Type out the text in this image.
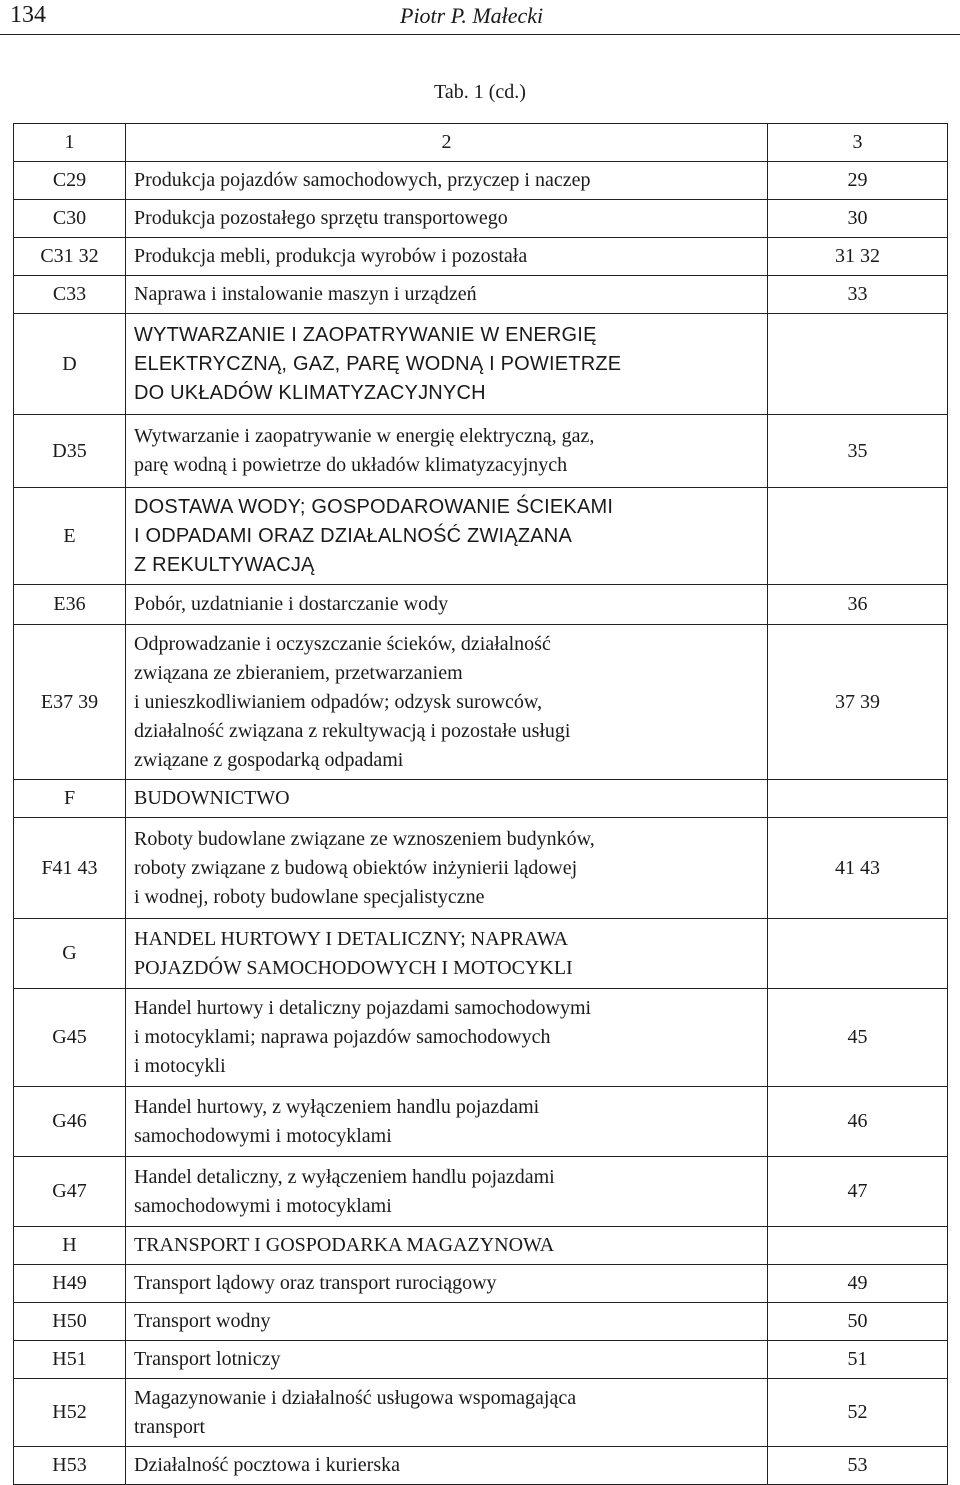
134	Piotr P. Małecki
Tab. 1 (cd.)
1	2	3
C29	Produkcja pojazdów samochodowych, przyczep i naczep	29
C30	Produkcja pozostałego sprzętu transportowego	30
C31 32	Produkcja mebli, produkcja wyrobów i pozostała	31 32
C33	Naprawa i instalowanie maszyn i urządzeń	33
D	WYTWARZANIE I ZAOPATRYWANIE W ENERGIĘ
ELEKTRYCZNĄ, GAZ, PARĘ WODNĄ I POWIETRZE
DO UKŁADÓW KLIMATYZACYJNYCH	

D35	Wytwarzanie i zaopatrywanie w energię elektryczną, gaz,
parę wodną i powietrze do układów klimatyzacyjnych	35
E	DOSTAWA WODY; GOSPODAROWANIE ŚCIEKAMI
I ODPADAMI ORAZ DZIAŁALNOŚĆ ZWIĄZANA
Z REKULTYWACJĄ	

E36	Pobór, uzdatnianie i dostarczanie wody	36
E37 39	Odprowadzanie i oczyszczanie ścieków, działalność
związana ze zbieraniem, przetwarzaniem
i unieszkodliwianiem odpadów; odzysk surowców,
działalność związana z rekultywacją i pozostałe usługi
związane z gospodarką odpadami	37 39
F	BUDOWNICTWO	
F41 43	Roboty budowlane związane ze wznoszeniem budynków,
roboty związane z budową obiektów inżynierii lądowej
i wodnej, roboty budowlane specjalistyczne	41 43
G	HANDEL HURTOWY I DETALICZNY; NAPRAWA
POJAZDÓW SAMOCHODOWYCH I MOTOCYKLI	

G45	Handel hurtowy i detaliczny pojazdami samochodowymi
i motocyklami; naprawa pojazdów samochodowych
i motocykli	45
G46	Handel hurtowy, z wyłączeniem handlu pojazdami
samochodowymi i motocyklami	46
G47	Handel detaliczny, z wyłączeniem handlu pojazdami
samochodowymi i motocyklami	47
H	TRANSPORT I GOSPODARKA MAGAZYNOWA	
H49	Transport lądowy oraz transport rurociągowy	49
H50	Transport wodny	50
H51	Transport lotniczy	51
H52	Magazynowanie i działalność usługowa wspomagająca
transport	52
H53	Działalność pocztowa i kurierska	53
